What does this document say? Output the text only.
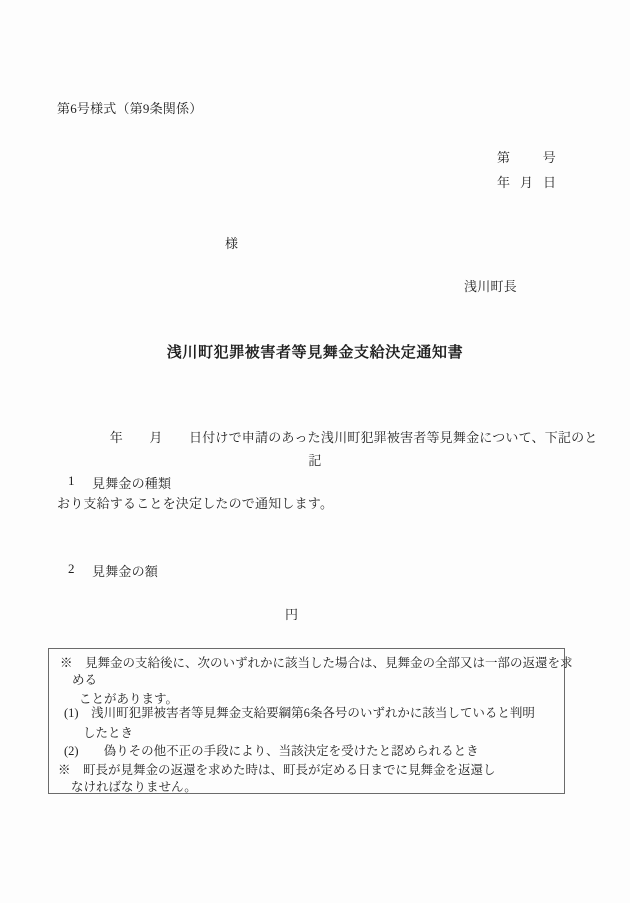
第6号様式（第9条関係）
第	号
年　月　日
様
浅川町長
浅川町犯罪被害者等見舞金支給決定通知書

　　　　年　　月　　日付けで申請のあった浅川町犯罪被害者等見舞金について、下記のと

おり支給することを決定したので通知します。

記
1 見舞金の種類
2 見舞金の額
円
※　見舞金の支給後に、次のいずれかに該当した場合は、見舞金の全部又は一部の返還を求
める
ことがあります。
(1)　浅川町犯罪被害者等見舞金支給要綱第6条各号のいずれかに該当していると判明
したとき
(2)　　偽りその他不正の手段により、当該決定を受けたと認められるとき
※　町長が見舞金の返還を求めた時は、町長が定める日までに見舞金を返還し
なければなりません。
